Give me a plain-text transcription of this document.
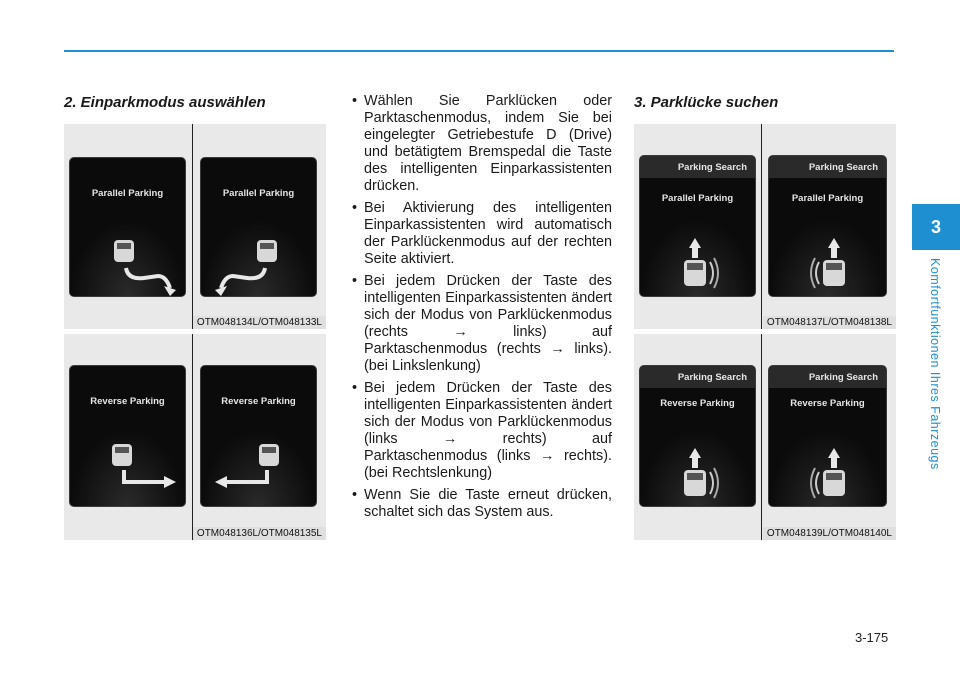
2. Einparkmodus auswählen	3. Parklücke suchen
Parallel Parking	Parallel Parking
OTM048134L/OTM048133L
Reverse Parking	Reverse Parking
OTM048136L/OTM048135L
• Wählen Sie Parklücken oder Parktaschenmodus, indem Sie bei eingelegter Getriebestufe D (Drive) und betätigtem Bremspedal die Taste des intelligenten Einparkassistenten drücken.
• Bei Aktivierung des intelligenten Einparkassistenten wird automatisch der Parklückenmodus auf der rechten Seite aktiviert.
• Bei jedem Drücken der Taste des intelligenten Einparkassistenten ändert sich der Modus von Parklückenmodus (rechts → links) auf Parktaschenmodus (rechts → links). (bei Linkslenkung)
• Bei jedem Drücken der Taste des intelligenten Einparkassistenten ändert sich der Modus von Parklückenmodus (links → rechts) auf Parktaschenmodus (links → rechts). (bei Rechtslenkung)
• Wenn Sie die Taste erneut drücken, schaltet sich das System aus.
Parking Search
Parallel Parking
Parking Search
Parallel Parking
OTM048137L/OTM048138L
Parking Search
Reverse Parking
Parking Search
Reverse Parking
OTM048139L/OTM048140L
3
Komfortfunktionen Ihres Fahrzeugs
3-175
